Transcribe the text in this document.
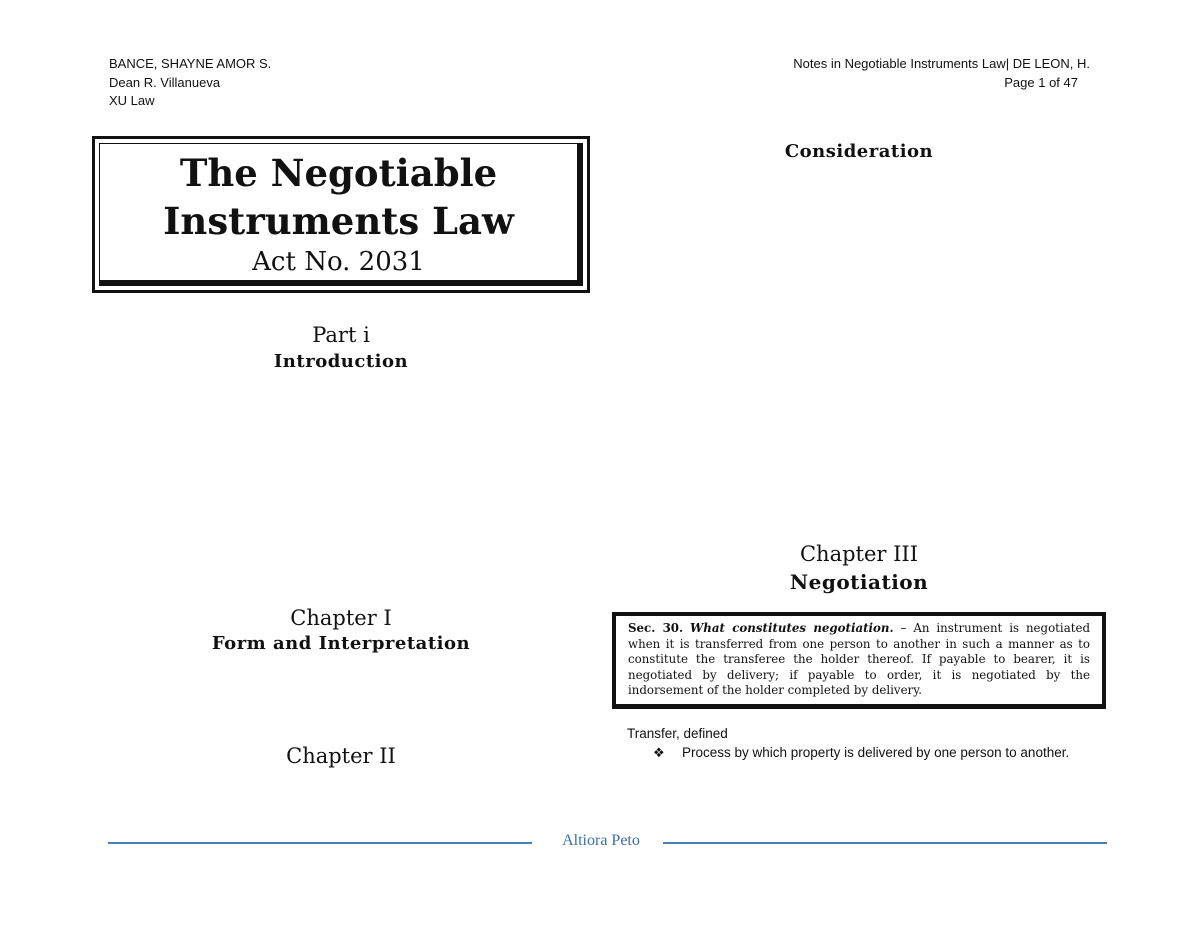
BANCE, SHAYNE AMOR S.
Dean R. Villanueva
XU Law
Notes in Negotiable Instruments Law| DE LEON, H.
Page 1 of 47
The Negotiable
Instruments Law
Act No. 2031
Part i
Introduction
Chapter I
Form and Interpretation
Chapter II
Consideration
Chapter III
Negotiation
Sec. 30. What constitutes negotiation. – An instrument is negotiated when it is transferred from one person to another in such a manner as to constitute the transferee the holder thereof. If payable to bearer, it is negotiated by delivery; if payable to order, it is negotiated by the indorsement of the holder completed by delivery.
Transfer, defined
❖	Process by which property is delivered by one person to another.
Altiora Peto
